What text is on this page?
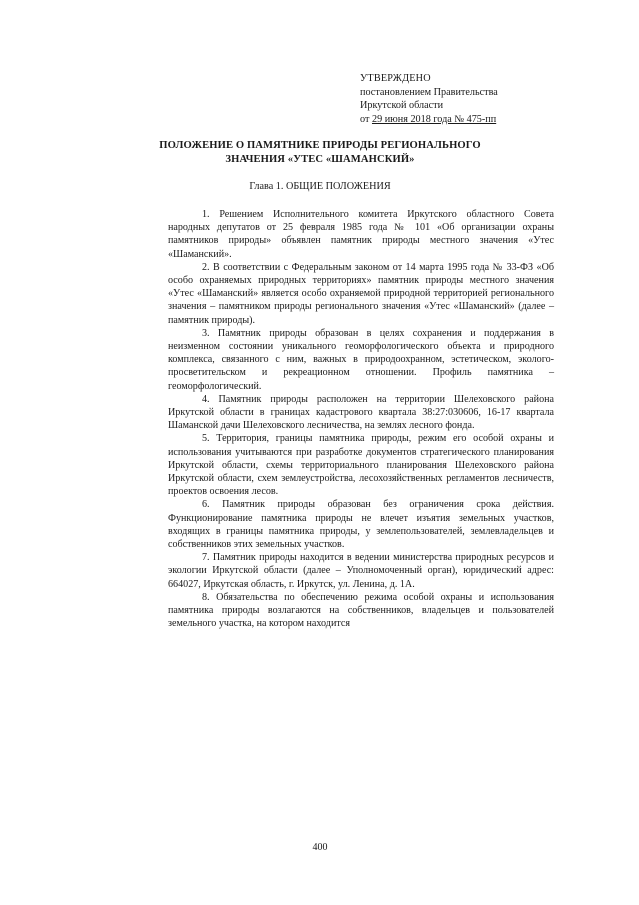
УТВЕРЖДЕНО
постановлением Правительства
Иркутской области
от 29 июня 2018 года № 475-пп
ПОЛОЖЕНИЕ О ПАМЯТНИКЕ ПРИРОДЫ РЕГИОНАЛЬНОГО
ЗНАЧЕНИЯ «УТЕС «ШАМАНСКИЙ»
Глава 1. ОБЩИЕ ПОЛОЖЕНИЯ

1. Решением Исполнительного комитета Иркутского областного Совета народных депутатов от 25 февраля 1985 года № 101 «Об организации охраны памятников природы» объявлен памятник природы местного значения «Утес «Шаманский».

2. В соответствии с Федеральным законом от 14 марта 1995 года № 33-ФЗ «Об особо охраняемых природных территориях» памятник природы местного значения «Утес «Шаманский» является особо охраняемой природной территорией регионального значения – памятником природы регионального значения «Утес «Шаманский» (далее – памятник природы).

3. Памятник природы образован в целях сохранения и поддержания в неизменном состоянии уникального геоморфологического объекта и природного комплекса, связанного с ним, важных в природоохранном, эстетическом, эколого-просветительском и рекреационном отношении. Профиль памятника – геоморфологический.

4. Памятник природы расположен на территории Шелеховского района Иркутской области в границах кадастрового квартала 38:27:030606, 16-17 квартала Шаманской дачи Шелеховского лесничества, на землях лесного фонда.

5. Территория, границы памятника природы, режим его особой охраны и использования учитываются при разработке документов стратегического планирования Иркутской области, схемы территориального планирования Шелеховского района Иркутской области, схем землеустройства, лесохозяйственных регламентов лесничеств, проектов освоения лесов.

6. Памятник природы образован без ограничения срока действия. Функционирование памятника природы не влечет изъятия земельных участков, входящих в границы памятника природы, у землепользователей, землевладельцев и собственников этих земельных участков.

7. Памятник природы находится в ведении министерства природных ресурсов и экологии Иркутской области (далее – Уполномоченный орган), юридический адрес: 664027, Иркутская область, г. Иркутск, ул. Ленина, д. 1А.

8. Обязательства по обеспечению режима особой охраны и использования памятника природы возлагаются на собственников, владельцев и пользователей земельного участка, на котором находится

400
